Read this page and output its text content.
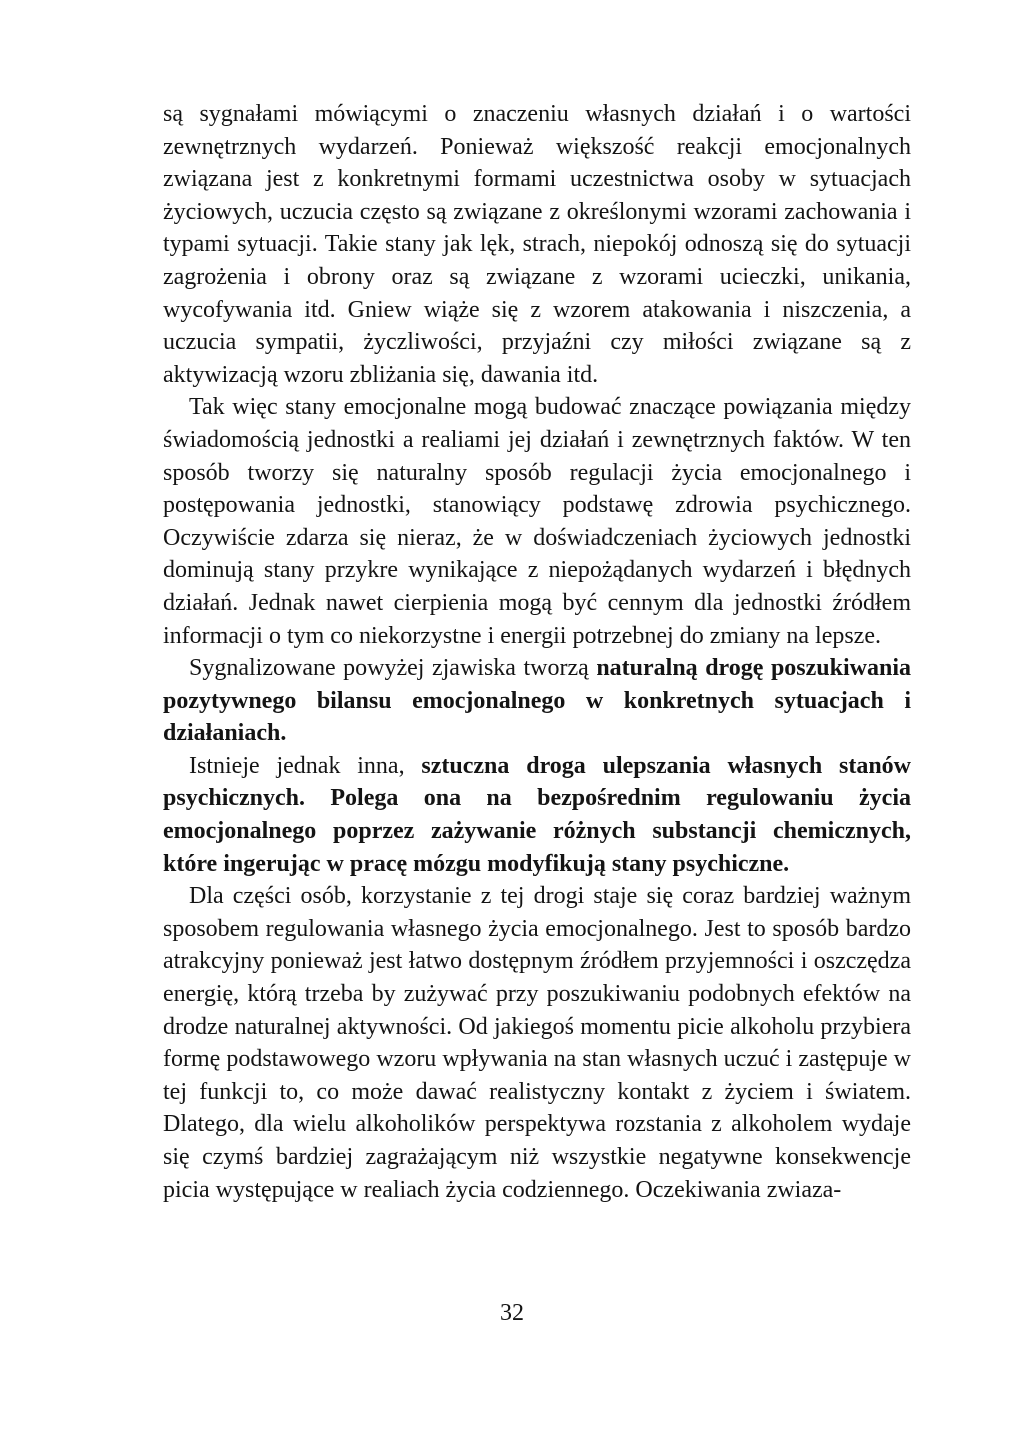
są sygnałami mówiącymi o znaczeniu własnych działań i o wartości zewnętrznych wydarzeń. Ponieważ większość reakcji emocjonalnych związana jest z konkretnymi formami uczestnictwa osoby w sytuacjach życiowych, uczucia często są związane z określonymi wzorami zachowania i typami sytuacji. Takie stany jak lęk, strach, niepokój odnoszą się do sytuacji zagrożenia i obrony oraz są związane z wzorami ucieczki, unikania, wycofywania itd. Gniew wiąże się z wzorem atakowania i niszczenia, a uczucia sympatii, życzliwości, przyjaźni czy miłości związane są z aktywizacją wzoru zbliżania się, dawania itd.

Tak więc stany emocjonalne mogą budować znaczące powiązania między świadomością jednostki a realiami jej działań i zewnętrznych faktów. W ten sposób tworzy się naturalny sposób regulacji życia emocjonalnego i postępowania jednostki, stanowiący podstawę zdrowia psychicznego. Oczywiście zdarza się nieraz, że w doświadczeniach życiowych jednostki dominują stany przykre wynikające z niepożądanych wydarzeń i błędnych działań. Jednak nawet cierpienia mogą być cennym dla jednostki źródłem informacji o tym co niekorzystne i energii potrzebnej do zmiany na lepsze.

Sygnalizowane powyżej zjawiska tworzą naturalną drogę poszukiwania pozytywnego bilansu emocjonalnego w konkretnych sytuacjach i działaniach.

Istnieje jednak inna, sztuczna droga ulepszania własnych stanów psychicznych. Polega ona na bezpośrednim regulowaniu życia emocjonalnego poprzez zażywanie różnych substancji chemicznych, które ingerując w pracę mózgu modyfikują stany psychiczne.

Dla części osób, korzystanie z tej drogi staje się coraz bardziej ważnym sposobem regulowania własnego życia emocjonalnego. Jest to sposób bardzo atrakcyjny ponieważ jest łatwo dostępnym źródłem przyjemności i oszczędza energię, którą trzeba by zużywać przy poszukiwaniu podobnych efektów na drodze naturalnej aktywności. Od jakiegoś momentu picie alkoholu przybiera formę podstawowego wzoru wpływania na stan własnych uczuć i zastępuje w tej funkcji to, co może dawać realistyczny kontakt z życiem i światem. Dlatego, dla wielu alkoholików perspektywa rozstania z alkoholem wydaje się czymś bardziej zagrażającym niż wszystkie negatywne konsekwencje picia występujące w realiach życia codziennego. Oczekiwania zwiaza-

32
